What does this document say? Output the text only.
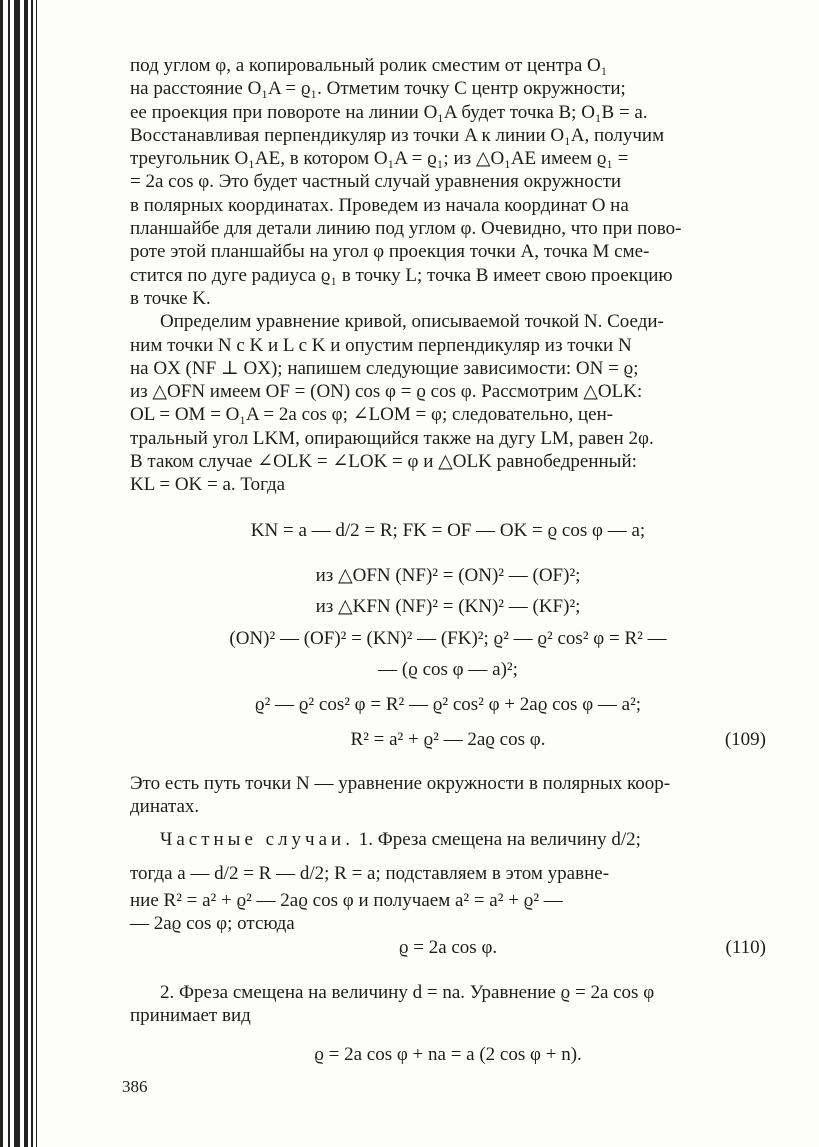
под углом φ, а копировальный ролик сместим от центра O₁

на расстояние O₁A = ϱ₁. Отметим точку C центр окружности;

ее проекция при повороте на линии O₁A будет точка B; O₁B = a.

Восстанавливая перпендикуляр из точки A к линии O₁A, получим

треугольник O₁AE, в котором O₁A = ϱ₁; из △O₁AE имеем ϱ₁ =

= 2a cos φ. Это будет частный случай уравнения окружности

в полярных координатах. Проведем из начала координат O на

планшайбе для детали линию под углом φ. Очевидно, что при пово-

роте этой планшайбы на угол φ проекция точки A, точка M сме-

стится по дуге радиуса ϱ₁ в точку L; точка B имеет свою проекцию

в точке K.

Определим уравнение кривой, описываемой точкой N. Соеди-

ним точки N с K и L с K и опустим перпендикуляр из точки N

на OX (NF ⊥ OX); напишем следующие зависимости: ON = ϱ;

из △OFN имеем OF = (ON) cos φ = ϱ cos φ. Рассмотрим △OLK:

OL = OM = O₁A = 2a cos φ; ∠LOM = φ; следовательно, цен-

тральный угол LKM, опирающийся также на дугу LM, равен 2φ.

В таком случае ∠OLK = ∠LOK = φ и △OLK равнобедренный:

KL = OK = a. Тогда

KN = a — d/2 = R; FK = OF — OK = ϱ cos φ — a;

из △OFN (NF)² = (ON)² — (OF)²;

из △KFN (NF)² = (KN)² — (KF)²;

(ON)² — (OF)² = (KN)² — (FK)²; ϱ² — ϱ² cos² φ = R² —

— (ϱ cos φ — a)²;

ϱ² — ϱ² cos² φ = R² — ϱ² cos² φ + 2aϱ cos φ — a²;

R² = a² + ϱ² — 2aϱ cos φ.	(109)

Это есть путь точки N — уравнение окружности в полярных коор-

динатах.

Частные случаи. 1. Фреза смещена на величину d/2;

тогда a — d/2 = R — d/2; R = a; подставляем в этом уравне-

ние R² = a² + ϱ² — 2aϱ cos φ и получаем a² = a² + ϱ² —

— 2aϱ cos φ; отсюда

ϱ = 2a cos φ.	(110)

2. Фреза смещена на величину d = na. Уравнение ϱ = 2a cos φ

принимает вид

ϱ = 2a cos φ + na = a (2 cos φ + n).

386
